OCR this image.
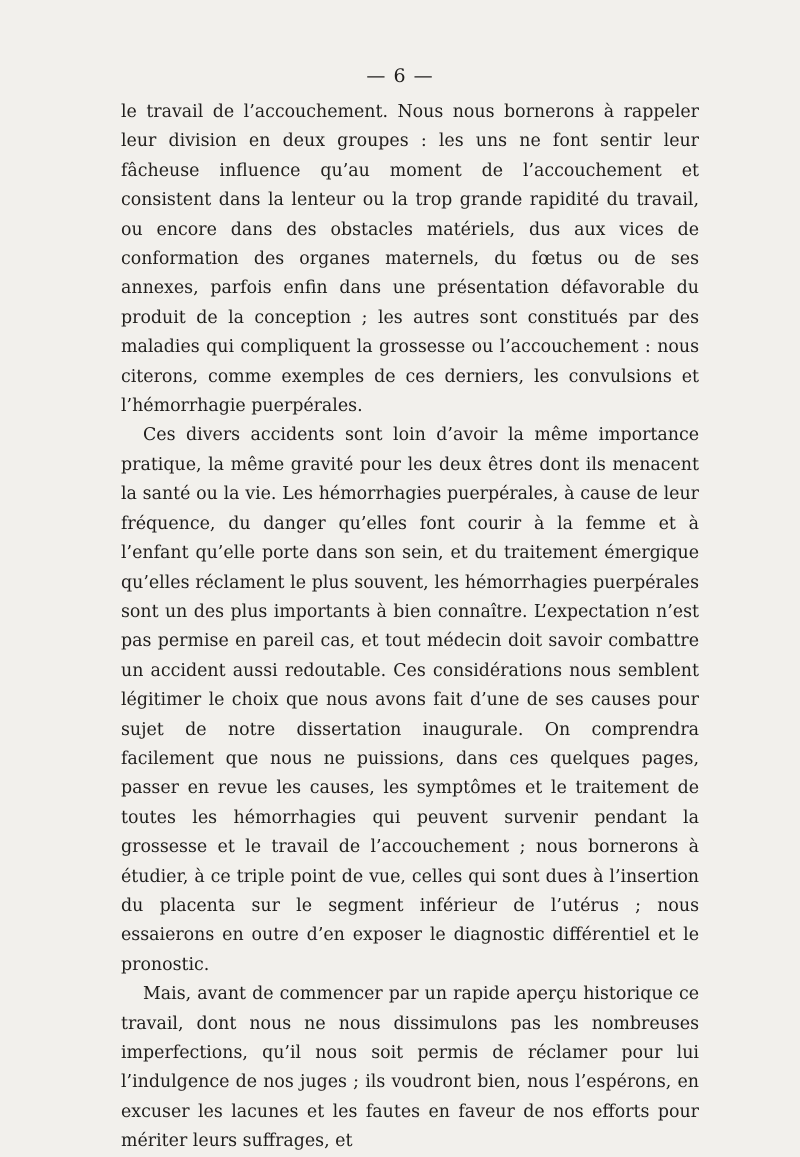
— 6 —

le travail de l’accouchement. Nous nous bornerons à rappeler leur division en deux groupes : les uns ne font sentir leur fâcheuse influence qu’au moment de l’accouchement et consistent dans la lenteur ou la trop grande rapidité du travail, ou encore dans des obstacles matériels, dus aux vices de conformation des organes maternels, du fœtus ou de ses annexes, parfois enfin dans une présentation défavorable du produit de la conception ; les autres sont constitués par des maladies qui compliquent la grossesse ou l’accouchement : nous citerons, comme exemples de ces derniers, les convulsions et l’hémorrhagie puerpérales.

Ces divers accidents sont loin d’avoir la même importance pratique, la même gravité pour les deux êtres dont ils menacent la santé ou la vie. Les hémorrhagies puerpérales, à cause de leur fréquence, du danger qu’elles font courir à la femme et à l’enfant qu’elle porte dans son sein, et du traitement émergique qu’elles réclament le plus souvent, les hémorrhagies puerpérales sont un des plus importants à bien connaître. L’expectation n’est pas permise en pareil cas, et tout médecin doit savoir combattre un accident aussi redoutable. Ces considérations nous semblent légitimer le choix que nous avons fait d’une de ses causes pour sujet de notre dissertation inaugurale. On comprendra facilement que nous ne puissions, dans ces quelques pages, passer en revue les causes, les symptômes et le traitement de toutes les hémorrhagies qui peuvent survenir pendant la grossesse et le travail de l’accouchement ; nous bornerons à étudier, à ce triple point de vue, celles qui sont dues à l’insertion du placenta sur le segment inférieur de l’utérus ; nous essaierons en outre d’en exposer le diagnostic différentiel et le pronostic.

Mais, avant de commencer par un rapide aperçu historique ce travail, dont nous ne nous dissimulons pas les nombreuses imperfections, qu’il nous soit permis de réclamer pour lui l’indulgence de nos juges ; ils voudront bien, nous l’espérons, en excuser les lacunes et les fautes en faveur de nos efforts pour mériter leurs suffrages, et
